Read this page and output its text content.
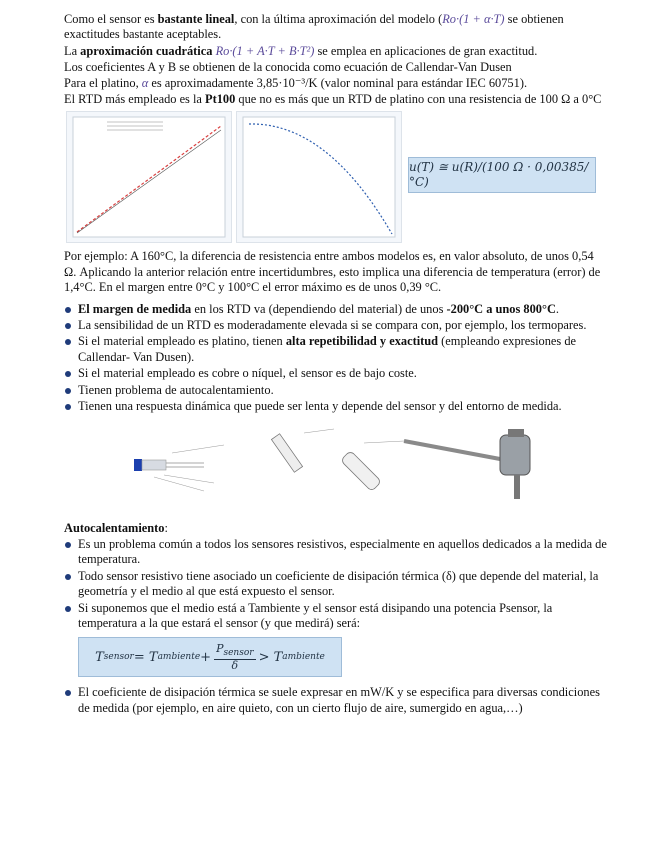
Como el sensor es bastante lineal, con la última aproximación del modelo (Ro·(1 + α·T) se obtienen exactitudes bastante aceptables.

La aproximación cuadrática Ro·(1 + A·T + B·T²) se emplea en aplicaciones de gran exactitud.

Los coeficientes A y B se obtienen de la conocida como ecuación de Callendar-Van Dusen

Para el platino, α es aproximadamente 3,85·10⁻³/K (valor nominal para estándar IEC 60751).

El RTD más empleado es la Pt100 que no es más que un RTD de platino con una resistencia de 100 Ω a 0°C

u(T) ≅ u(R)/(100 Ω · 0,00385/°C)

Por ejemplo: A 160°C, la diferencia de resistencia entre ambos modelos es, en valor absoluto, de unos 0,54 Ω. Aplicando la anterior relación entre incertidumbres, esto implica una diferencia de temperatura (error) de 1,4°C. En el margen entre 0°C y 100°C el error máximo es de unos 0,39 °C.

El margen de medida en los RTD va (dependiendo del material) de unos -200°C a unos 800°C.
La sensibilidad de un RTD es moderadamente elevada si se compara con, por ejemplo, los termopares.
Si el material empleado es platino, tienen alta repetibilidad y exactitud (empleando expresiones de Callendar- Van Dusen).
Si el material empleado es cobre o níquel, el sensor es de bajo coste.
Tienen problema de autocalentamiento.
Tienen una respuesta dinámica que puede ser lenta y depende del sensor y del entorno de medida.

Autocalentamiento:

Es un problema común a todos los sensores resistivos, especialmente en aquellos dedicados a la medida de temperatura.
Todo sensor resistivo tiene asociado un coeficiente de disipación térmica (δ) que depende del material, la geometría y el medio al que está expuesto el sensor.
Si suponemos que el medio está a Tambiente y el sensor está disipando una potencia Psensor, la temperatura a la que estará el sensor (y que medirá) será:
T sensor = T ambiente + $\frac{P_{sensor}}{\delta} > T$ ambiente
El coeficiente de disipación térmica se suele expresar en mW/K y se especifica para diversas condiciones de medida (por ejemplo, en aire quieto, con un cierto flujo de aire, sumergido en agua,…)
